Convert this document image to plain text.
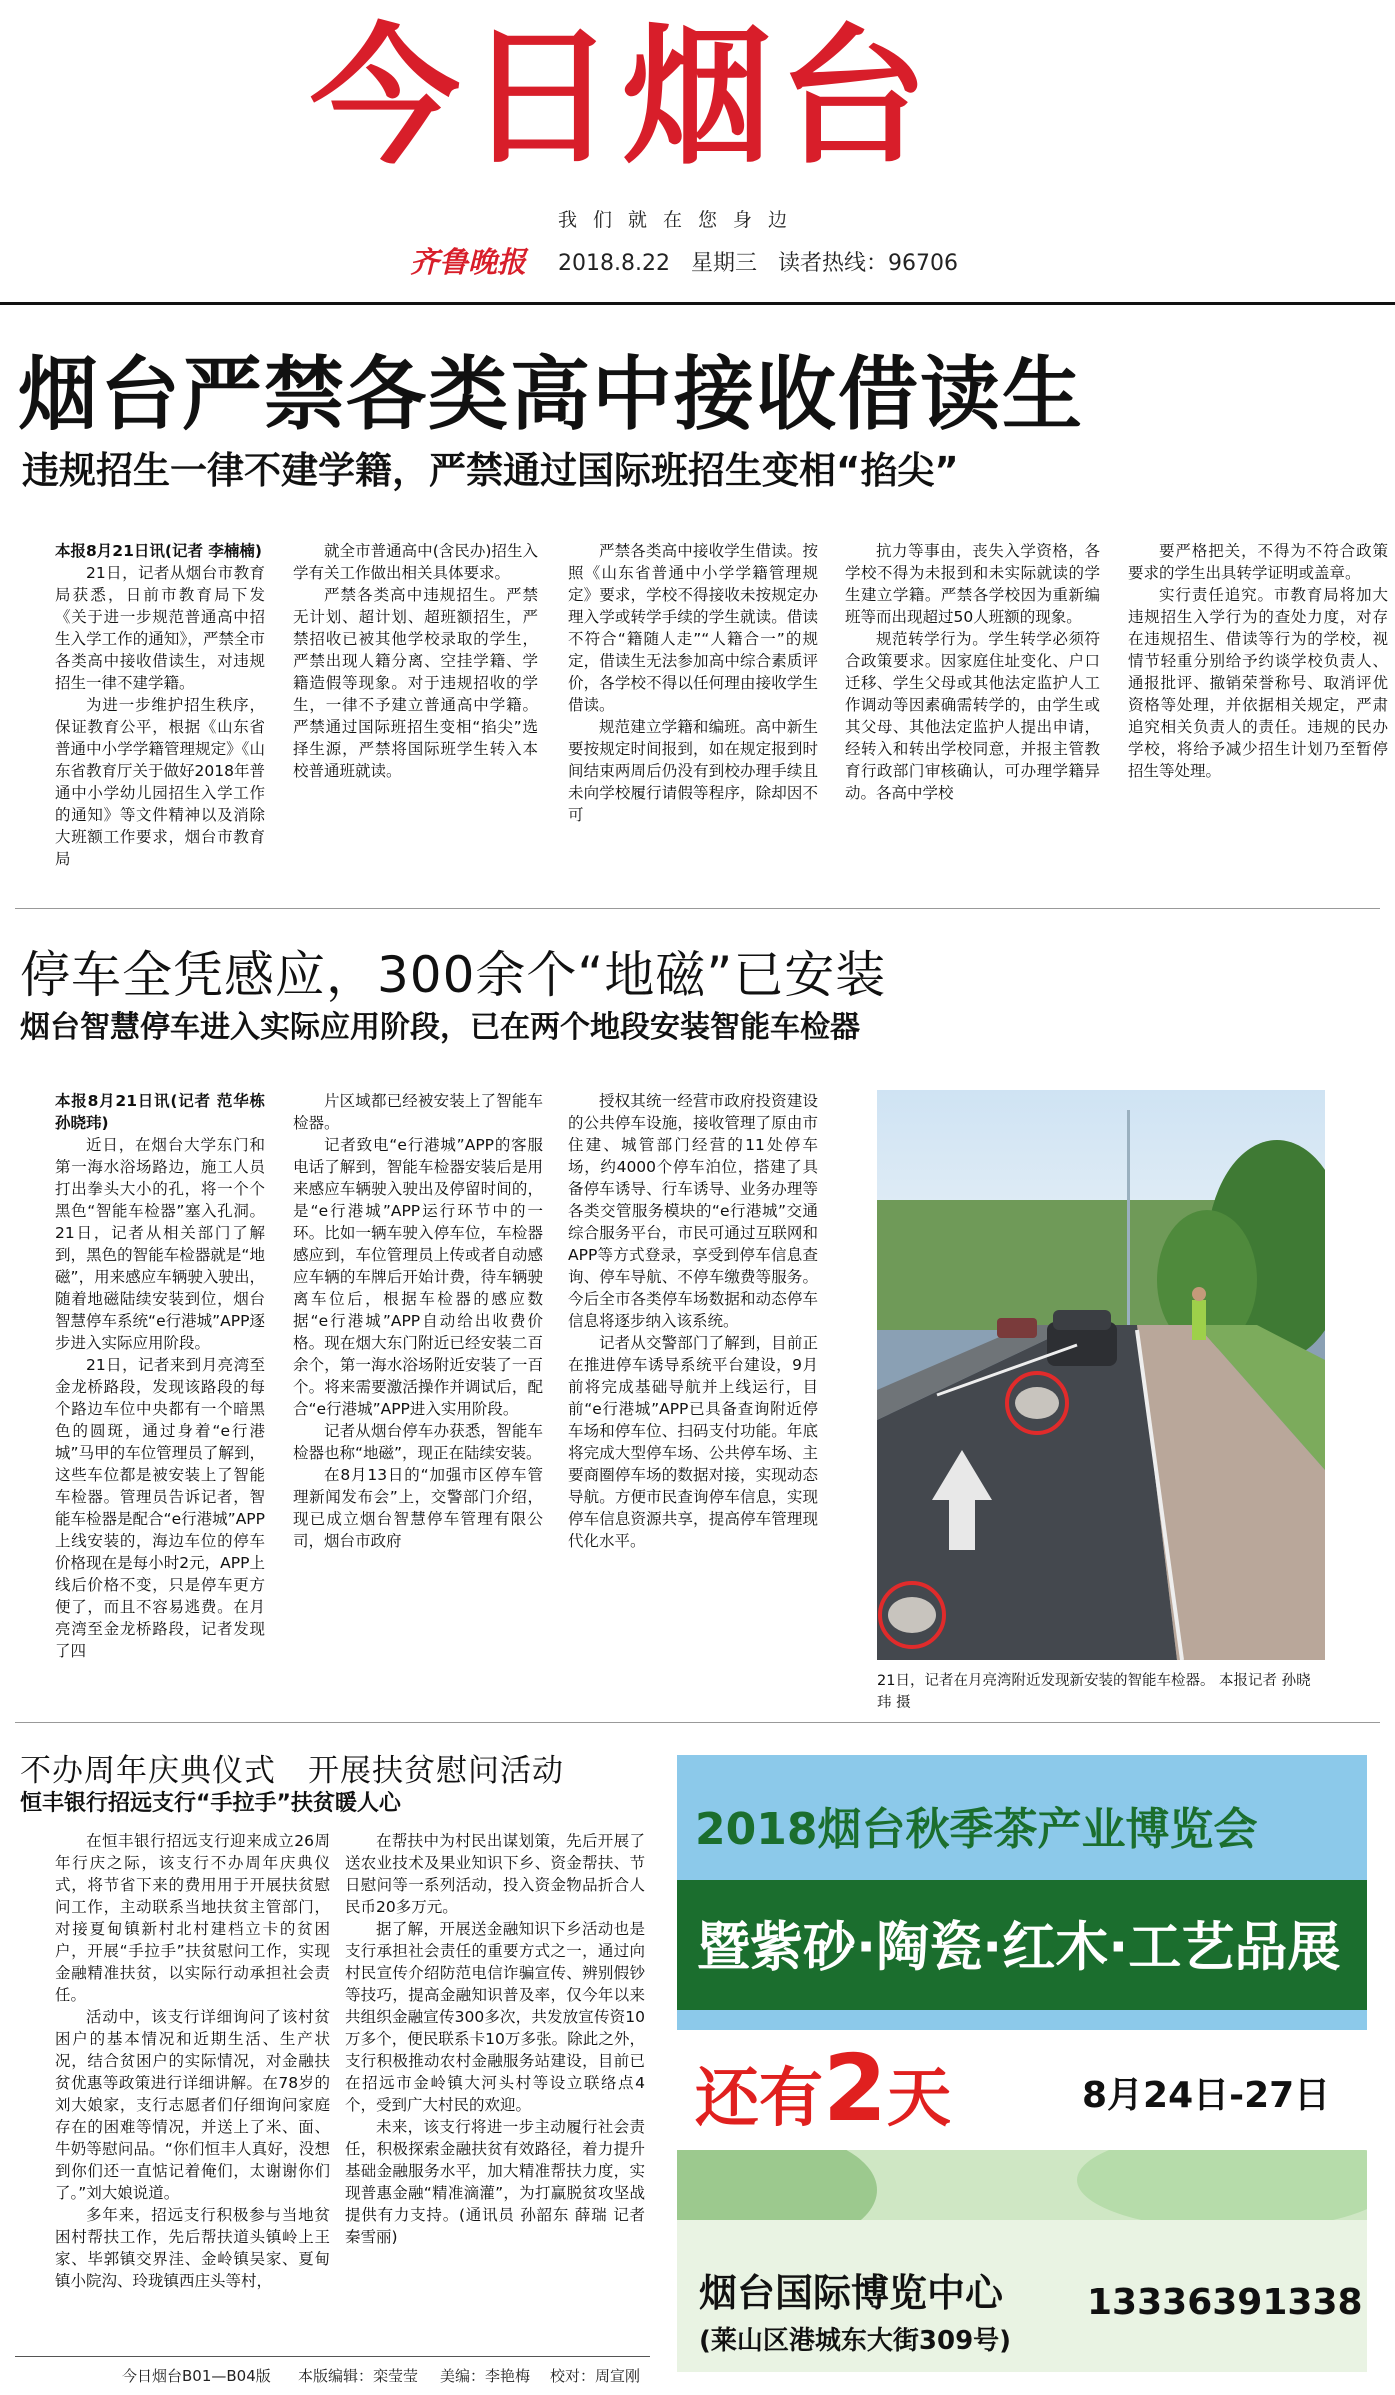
今日烟台
我们就在您身边
齐鲁晚报 2018.8.22 星期三 读者热线：96706
烟台严禁各类高中接收借读生
违规招生一律不建学籍，严禁通过国际班招生变相“掐尖”

本报8月21日讯(记者 李楠楠)

21日，记者从烟台市教育局获悉，日前市教育局下发《关于进一步规范普通高中招生入学工作的通知》，严禁全市各类高中接收借读生，对违规招生一律不建学籍。

为进一步维护招生秩序，保证教育公平，根据《山东省普通中小学学籍管理规定》《山东省教育厅关于做好2018年普通中小学幼儿园招生入学工作的通知》等文件精神以及消除大班额工作要求，烟台市教育局

就全市普通高中(含民办)招生入学有关工作做出相关具体要求。

严禁各类高中违规招生。严禁无计划、超计划、超班额招生，严禁招收已被其他学校录取的学生，严禁出现人籍分离、空挂学籍、学籍造假等现象。对于违规招收的学生，一律不予建立普通高中学籍。严禁通过国际班招生变相“掐尖”选择生源，严禁将国际班学生转入本校普通班就读。

严禁各类高中接收学生借读。按照《山东省普通中小学学籍管理规定》要求，学校不得接收未按规定办理入学或转学手续的学生就读。借读不符合“籍随人走”“人籍合一”的规定，借读生无法参加高中综合素质评价，各学校不得以任何理由接收学生借读。

规范建立学籍和编班。高中新生要按规定时间报到，如在规定报到时间结束两周后仍没有到校办理手续且未向学校履行请假等程序，除却因不可

抗力等事由，丧失入学资格，各学校不得为未报到和未实际就读的学生建立学籍。严禁各学校因为重新编班等而出现超过50人班额的现象。

规范转学行为。学生转学必须符合政策要求。因家庭住址变化、户口迁移、学生父母或其他法定监护人工作调动等因素确需转学的，由学生或其父母、其他法定监护人提出申请，经转入和转出学校同意，并报主管教育行政部门审核确认，可办理学籍异动。各高中学校

要严格把关，不得为不符合政策要求的学生出具转学证明或盖章。

实行责任追究。市教育局将加大违规招生入学行为的查处力度，对存在违规招生、借读等行为的学校，视情节轻重分别给予约谈学校负责人、通报批评、撤销荣誉称号、取消评优资格等处理，并依据相关规定，严肃追究相关负责人的责任。违规的民办学校，将给予减少招生计划乃至暂停招生等处理。

停车全凭感应，300余个“地磁”已安装
烟台智慧停车进入实际应用阶段，已在两个地段安装智能车检器

本报8月21日讯(记者 范华栋 孙晓玮)

近日，在烟台大学东门和第一海水浴场路边，施工人员打出拳头大小的孔，将一个个黑色“智能车检器”塞入孔洞。21日，记者从相关部门了解到，黑色的智能车检器就是“地磁”，用来感应车辆驶入驶出，随着地磁陆续安装到位，烟台智慧停车系统“e行港城”APP逐步进入实际应用阶段。

21日，记者来到月亮湾至金龙桥路段，发现该路段的每个路边车位中央都有一个暗黑色的圆斑，通过身着“e行港城”马甲的车位管理员了解到，这些车位都是被安装上了智能车检器。管理员告诉记者，智能车检器是配合“e行港城”APP上线安装的，海边车位的停车价格现在是每小时2元，APP上线后价格不变，只是停车更方便了，而且不容易逃费。在月亮湾至金龙桥路段，记者发现了四

片区域都已经被安装上了智能车检器。

记者致电“e行港城”APP的客服电话了解到，智能车检器安装后是用来感应车辆驶入驶出及停留时间的，是“e行港城”APP运行环节中的一环。比如一辆车驶入停车位，车检器感应到，车位管理员上传或者自动感应车辆的车牌后开始计费，待车辆驶离车位后，根据车检器的感应数据“e行港城”APP自动给出收费价格。现在烟大东门附近已经安装二百余个，第一海水浴场附近安装了一百个。将来需要激活操作并调试后，配合“e行港城”APP进入实用阶段。

记者从烟台停车办获悉，智能车检器也称“地磁”，现正在陆续安装。

在8月13日的“加强市区停车管理新闻发布会”上，交警部门介绍，现已成立烟台智慧停车管理有限公司，烟台市政府

授权其统一经营市政府投资建设的公共停车设施，接收管理了原由市住建、城管部门经营的11处停车场，约4000个停车泊位，搭建了具备停车诱导、行车诱导、业务办理等各类交管服务模块的“e行港城”交通综合服务平台，市民可通过互联网和APP等方式登录，享受到停车信息查询、停车导航、不停车缴费等服务。今后全市各类停车场数据和动态停车信息将逐步纳入该系统。

记者从交警部门了解到，目前正在推进停车诱导系统平台建设，9月前将完成基础导航并上线运行，目前“e行港城”APP已具备查询附近停车场和停车位、扫码支付功能。年底将完成大型停车场、公共停车场、主要商圈停车场的数据对接，实现动态导航。方便市民查询停车信息，实现停车信息资源共享，提高停车管理现代化水平。

21日，记者在月亮湾附近发现新安装的智能车检器。 本报记者 孙晓玮 摄
不办周年庆典仪式　开展扶贫慰问活动
恒丰银行招远支行“手拉手”扶贫暖人心

在恒丰银行招远支行迎来成立26周年行庆之际，该支行不办周年庆典仪式，将节省下来的费用用于开展扶贫慰问工作，主动联系当地扶贫主管部门，对接夏甸镇新村北村建档立卡的贫困户，开展“手拉手”扶贫慰问工作，实现金融精准扶贫，以实际行动承担社会责任。

活动中，该支行详细询问了该村贫困户的基本情况和近期生活、生产状况，结合贫困户的实际情况，对金融扶贫优惠等政策进行详细讲解。在78岁的刘大娘家，支行志愿者们仔细询问家庭存在的困难等情况，并送上了米、面、牛奶等慰问品。“你们恒丰人真好，没想到你们还一直惦记着俺们，太谢谢你们了。”刘大娘说道。

多年来，招远支行积极参与当地贫困村帮扶工作，先后帮扶道头镇岭上王家、毕郭镇交界洼、金岭镇吴家、夏甸镇小院沟、玲珑镇西庄头等村，

在帮扶中为村民出谋划策，先后开展了送农业技术及果业知识下乡、资金帮扶、节日慰问等一系列活动，投入资金物品折合人民币20多万元。

据了解，开展送金融知识下乡活动也是支行承担社会责任的重要方式之一，通过向村民宣传介绍防范电信诈骗宣传、辨别假钞等技巧，提高金融知识普及率，仅今年以来共组织金融宣传300多次，共发放宣传资10万多个，便民联系卡10万多张。除此之外，支行积极推动农村金融服务站建设，目前已在招远市金岭镇大河头村等设立联络点4个，受到广大村民的欢迎。

未来，该支行将进一步主动履行社会责任，积极探索金融扶贫有效路径，着力提升基础金融服务水平，加大精准帮扶力度，实现普惠金融“精准滴灌”，为打赢脱贫攻坚战提供有力支持。(通讯员 孙韶东 薛瑞 记者 秦雪丽)

2018烟台秋季茶产业博览会
暨紫砂·陶瓷·红木·工艺品展
还有2天	8月24日-27日
烟台国际博览中心
(莱山区港城东大街309号)
13336391338
今日烟台B01—B04版 本版编辑：栾莹莹 美编：李艳梅 校对：周宣刚
